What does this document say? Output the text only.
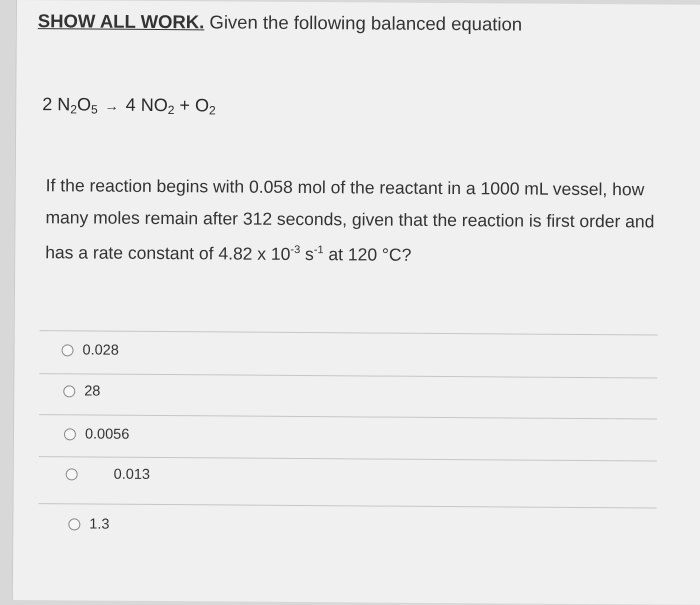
SHOW ALL WORK. Given the following balanced equation
2 $N_2O_5 \to 4$ $NO_2 + O_2$
If the reaction begins with 0.058 mol of the reactant in a 1000 mL vessel, how many moles remain after 312 seconds, given that the reaction is first order and has a rate constant of 4.82 x $10^{-3}$ $s^{-1}$ at 120 °C?
0.028
28
0.0056
0.013
1.3
